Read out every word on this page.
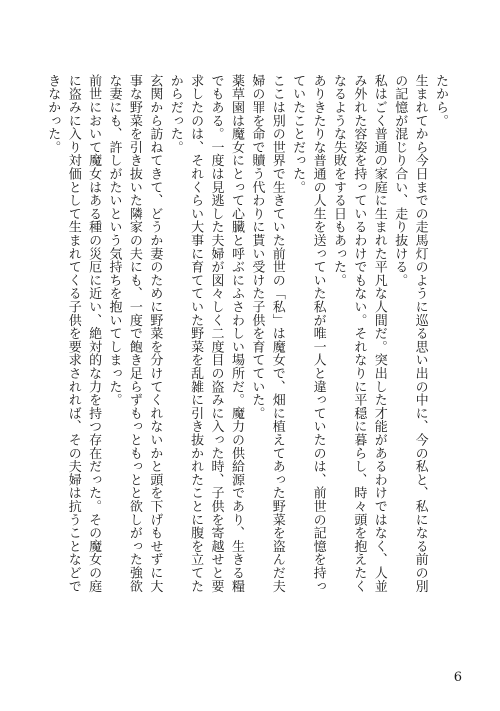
たから。

生まれてから今日までの走馬灯のように巡る思い出の中に、今の私と、私になる前の別の記憶が混じり合い、走り抜ける。

私はごく普通の家庭に生まれた平凡な人間だ。突出した才能があるわけではなく、人並み外れた容姿を持っているわけでもない。それなりに平穏に暮らし、時々頭を抱えたくなるような失敗をする日もあった。

ありきたりな普通の人生を送っていた私が唯一人と違っていたのは、前世の記憶を持っていたことだった。

ここは別の世界で生きていた前世の「私」は魔女で、畑に植えてあった野菜を盗んだ夫婦の罪を命で贖う代わりに貰い受けた子供を育てていた。

薬草園は魔女にとって心臓と呼ぶにふさわしい場所だ。魔力の供給源であり、生きる糧でもある。一度は見逃した夫婦が図々しく二度目の盗みに入った時、子供を寄越せと要求したのは、それくらい大事に育てていた野菜を乱雑に引き抜かれたことに腹を立てたからだった。

玄関から訪ねてきて、どうか妻のために野菜を分けてくれないかと頭を下げもせずに大事な野菜を引き抜いた隣家の夫にも、一度で飽き足らずもっともっとと欲しがった強欲な妻にも、許しがたいという気持ちを抱いてしまった。

前世において魔女はある種の災厄に近い、絶対的な力を持つ存在だった。その魔女の庭に盗みに入り対価として生まれてくる子供を要求されれば、その夫婦は抗うことなどできなかった。

6
